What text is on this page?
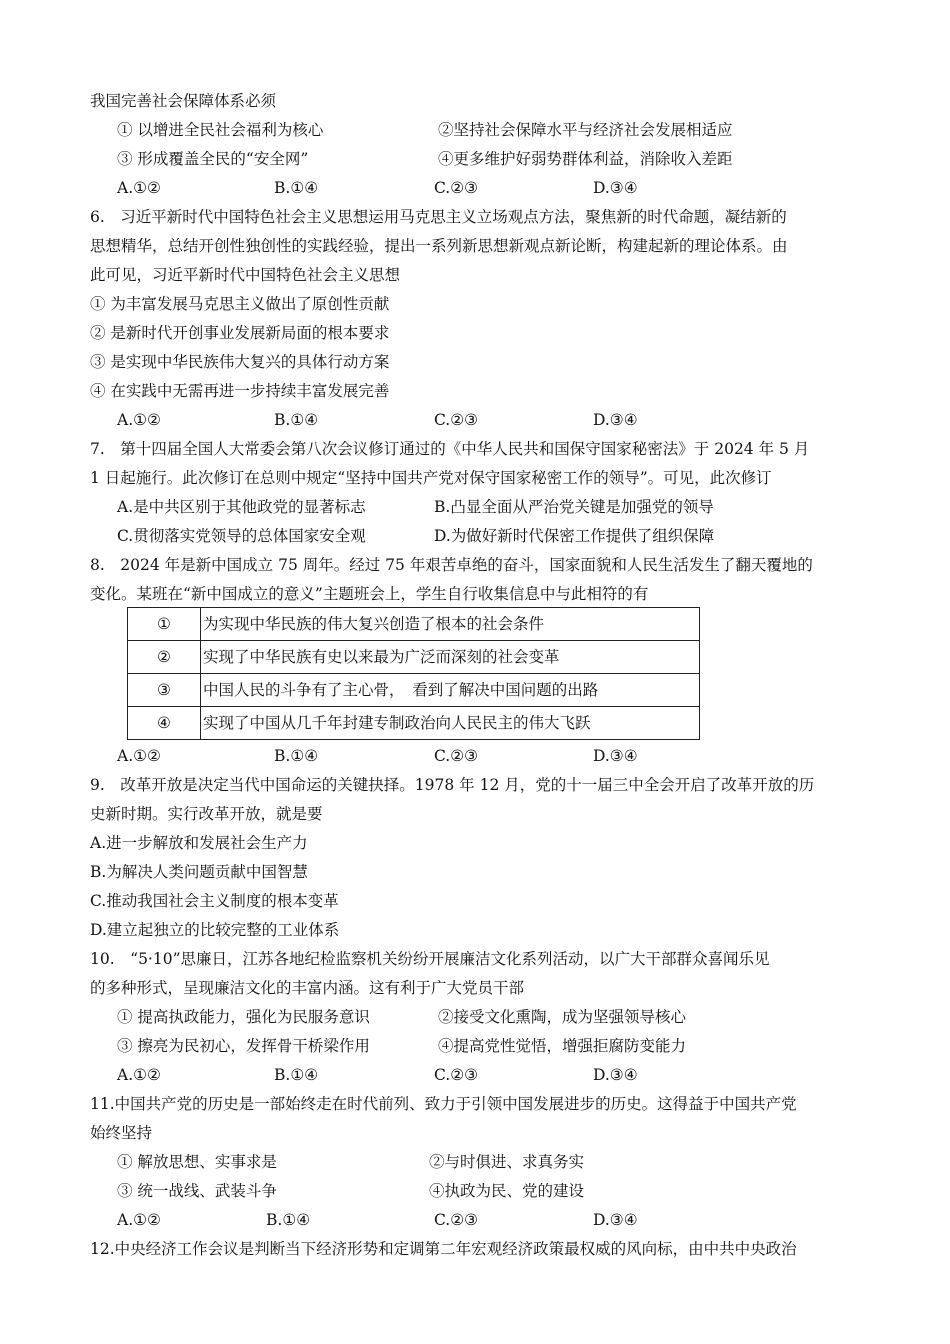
我国完善社会保障体系必须
① 以增进全民社会福利为核心	②坚持社会保障水平与经济社会发展相适应
③ 形成覆盖全民的“安全网”	④更多维护好弱势群体利益，消除收入差距
A.①②	B.①④	C.②③	D.③④
6.　习近平新时代中国特色社会主义思想运用马克思主义立场观点方法，聚焦新的时代命题，凝结新的
思想精华，总结开创性独创性的实践经验，提出一系列新思想新观点新论断，构建起新的理论体系。由
此可见，习近平新时代中国特色社会主义思想
① 为丰富发展马克思主义做出了原创性贡献
② 是新时代开创事业发展新局面的根本要求
③ 是实现中华民族伟大复兴的具体行动方案
④ 在实践中无需再进一步持续丰富发展完善
A.①②	B.①④	C.②③	D.③④
7.　第十四届全国人大常委会第八次会议修订通过的《中华人民共和国保守国家秘密法》于 2024 年 5 月
1 日起施行。此次修订在总则中规定“坚持中国共产党对保守国家秘密工作的领导”。可见，此次修订
A.是中共区别于其他政党的显著标志	B.凸显全面从严治党关键是加强党的领导
C.贯彻落实党领导的总体国家安全观	D.为做好新时代保密工作提供了组织保障
8.　2024 年是新中国成立 75 周年。经过 75 年艰苦卓绝的奋斗，国家面貌和人民生活发生了翻天覆地的
变化。某班在“新中国成立的意义”主题班会上，学生自行收集信息中与此相符的有
①	为实现中华民族的伟大复兴创造了根本的社会条件
②	实现了中华民族有史以来最为广泛而深刻的社会变革
③	中国人民的斗争有了主心骨，　看到了解决中国问题的出路
④	实现了中国从几千年封建专制政治向人民民主的伟大飞跃
A.①②	B.①④	C.②③	D.③④
9.　改革开放是决定当代中国命运的关键抉择。1978 年 12 月，党的十一届三中全会开启了改革开放的历
史新时期。实行改革开放，就是要
A.进一步解放和发展社会生产力
B.为解决人类问题贡献中国智慧
C.推动我国社会主义制度的根本变革
D.建立起独立的比较完整的工业体系
10.　“5·10”思廉日，江苏各地纪检监察机关纷纷开展廉洁文化系列活动，以广大干部群众喜闻乐见
的多种形式，呈现廉洁文化的丰富内涵。这有利于广大党员干部
① 提高执政能力，强化为民服务意识	②接受文化熏陶，成为坚强领导核心
③ 擦亮为民初心，发挥骨干桥梁作用	④提高党性觉悟，增强拒腐防变能力
A.①②	B.①④	C.②③	D.③④
11.中国共产党的历史是一部始终走在时代前列、致力于引领中国发展进步的历史。这得益于中国共产党
始终坚持
① 解放思想、实事求是	②与时俱进、求真务实
③ 统一战线、武装斗争	④执政为民、党的建设
A.①②	B.①④	C.②③	D.③④
12.中央经济工作会议是判断当下经济形势和定调第二年宏观经济政策最权威的风向标，由中共中央政治
